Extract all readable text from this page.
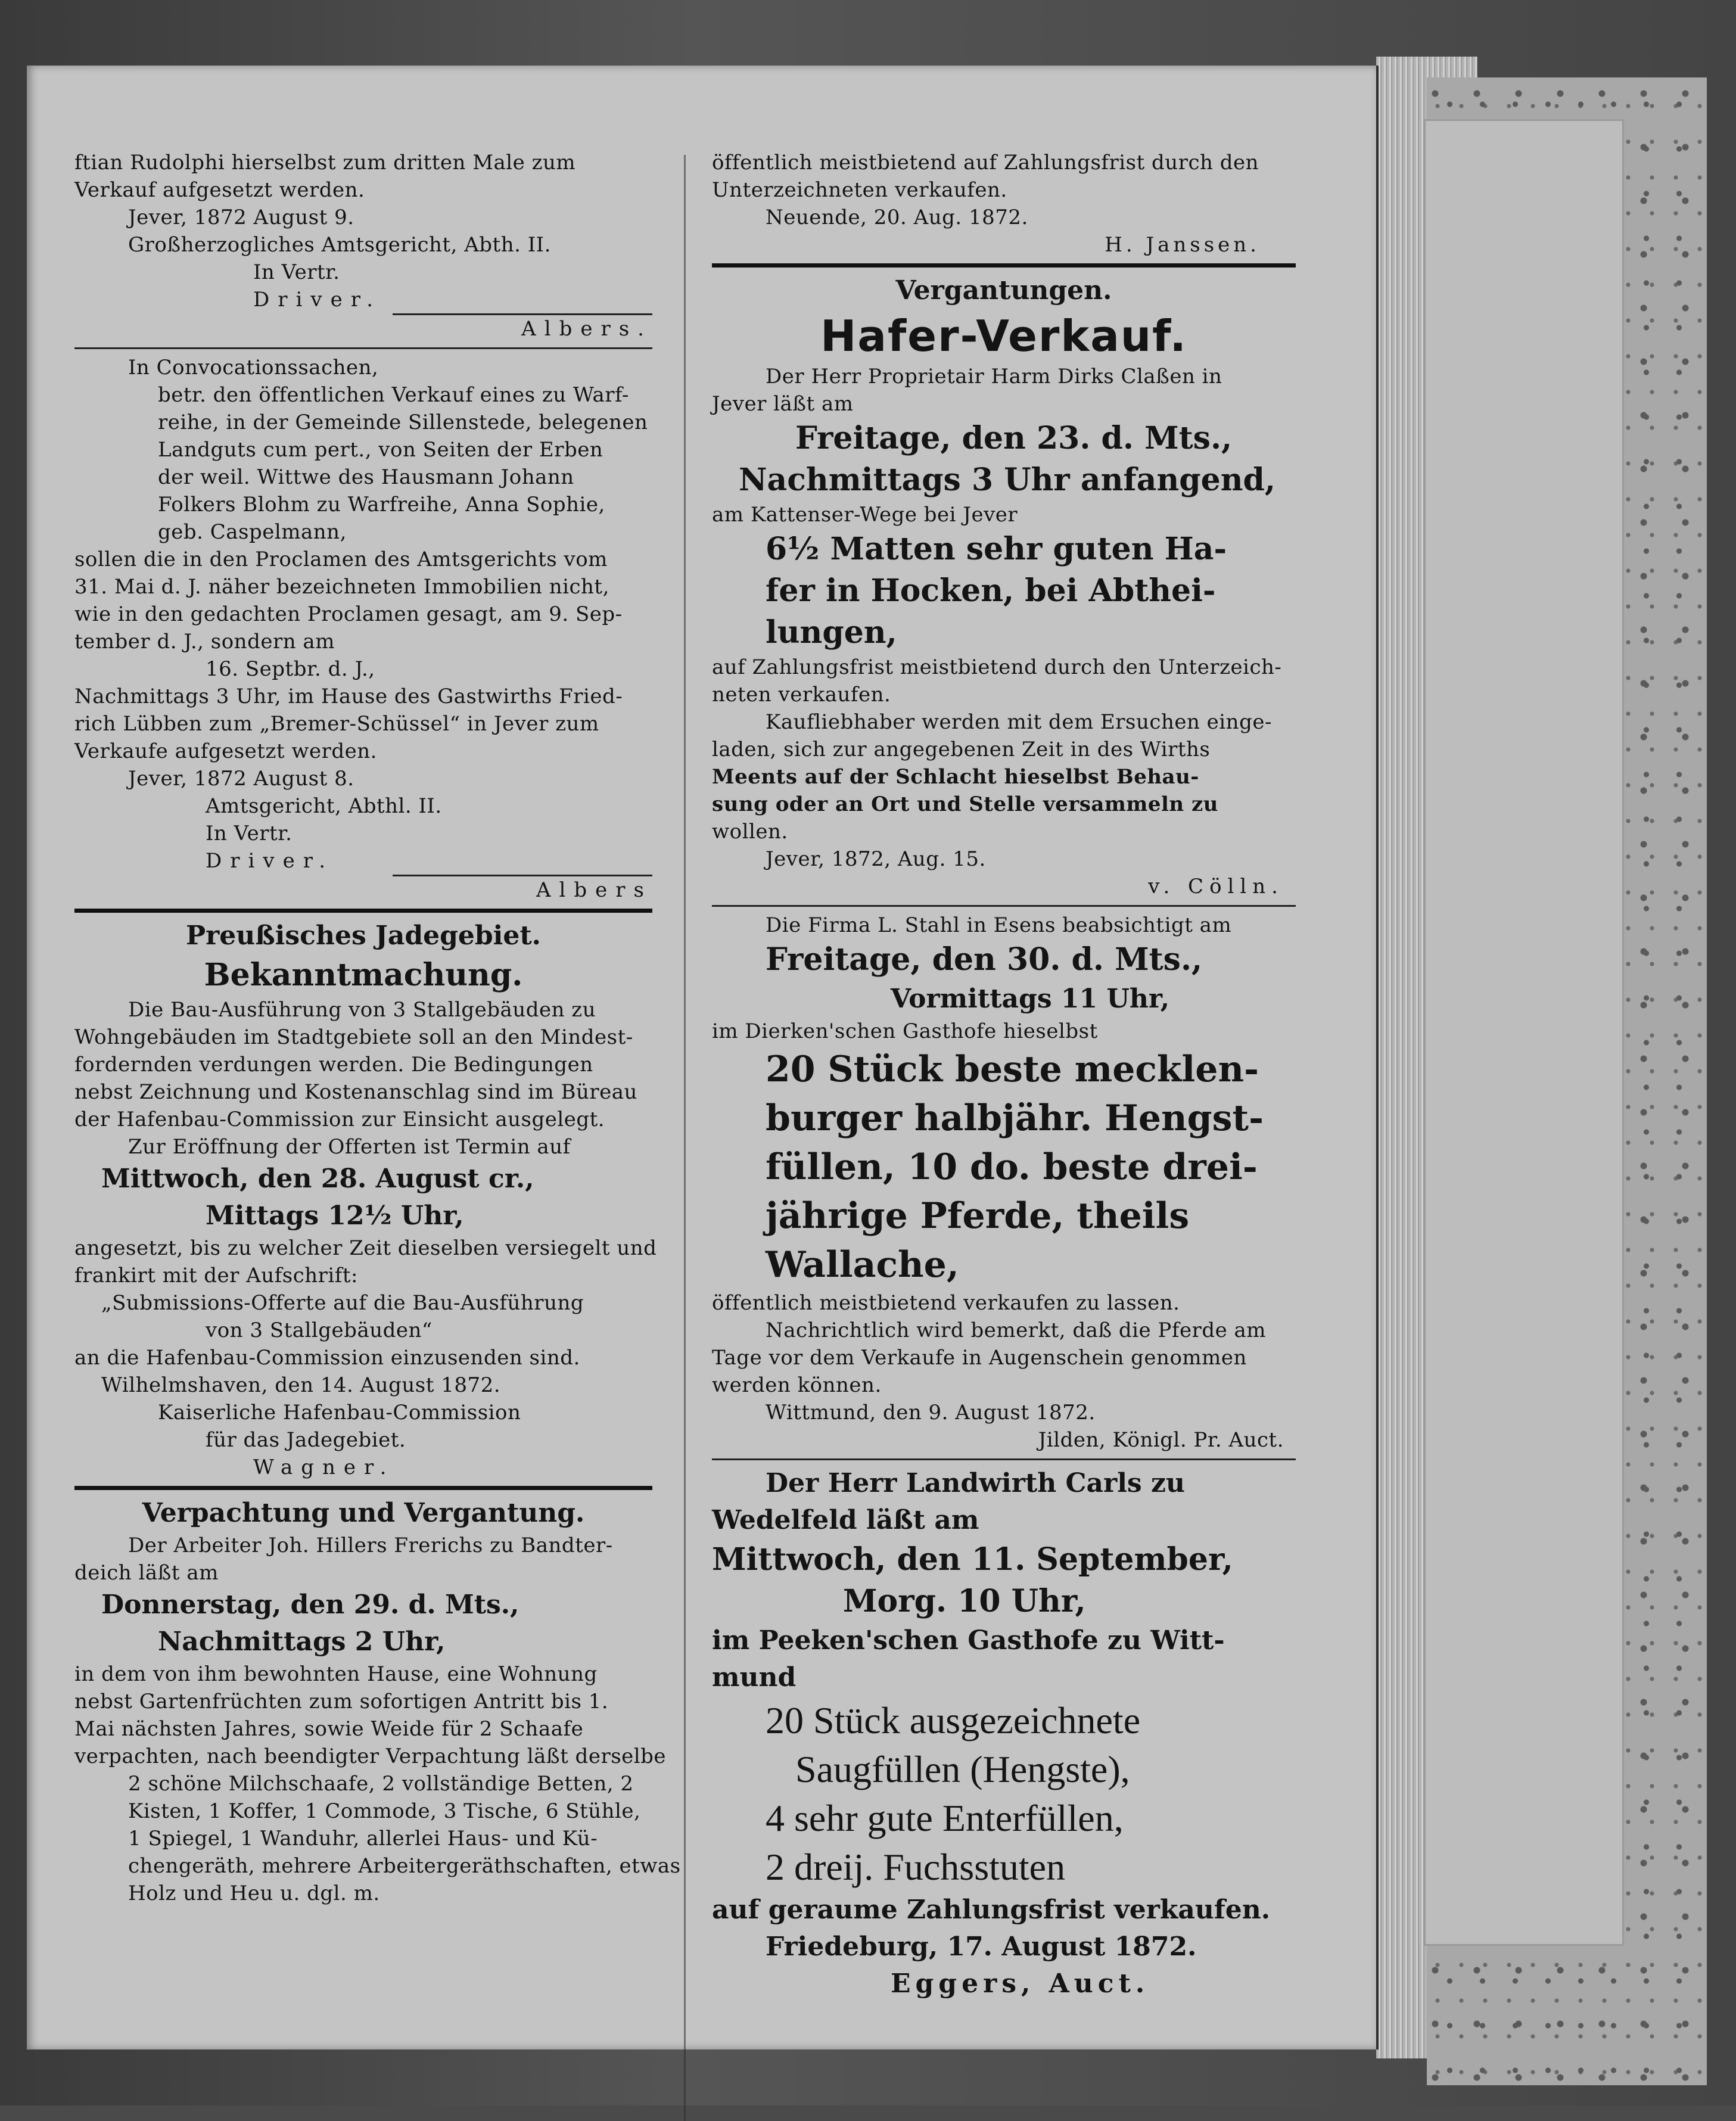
ftian Rudolphi hierselbst zum dritten Male zum
Verkauf aufgesetzt werden.
Jever, 1872 August 9.
Großherzogliches Amtsgericht, Abth. II.
In Vertr.
Driver.
Albers.
In Convocationssachen,
betr. den öffentlichen Verkauf eines zu Warf-
reihe, in der Gemeinde Sillenstede, belegenen
Landguts cum pert., von Seiten der Erben
der weil. Wittwe des Hausmann Johann
Folkers Blohm zu Warfreihe, Anna Sophie,
geb. Caspelmann,
sollen die in den Proclamen des Amtsgerichts vom
31. Mai d. J. näher bezeichneten Immobilien nicht,
wie in den gedachten Proclamen gesagt, am 9. Sep-
tember d. J., sondern am
16. Septbr. d. J.,
Nachmittags 3 Uhr, im Hause des Gastwirths Fried-
rich Lübben zum „Bremer-Schüssel“ in Jever zum
Verkaufe aufgesetzt werden.
Jever, 1872 August 8.
Amtsgericht, Abthl. II.
In Vertr.
Driver.
Albers
Preußisches Jadegebiet.
Bekanntmachung.
Die Bau-Ausführung von 3 Stallgebäuden zu
Wohngebäuden im Stadtgebiete soll an den Mindest-
fordernden verdungen werden. Die Bedingungen
nebst Zeichnung und Kostenanschlag sind im Büreau
der Hafenbau-Commission zur Einsicht ausgelegt.
Zur Eröffnung der Offerten ist Termin auf
Mittwoch, den 28. August cr.,
Mittags 12½ Uhr,
angesetzt, bis zu welcher Zeit dieselben versiegelt und
frankirt mit der Aufschrift:
„Submissions-Offerte auf die Bau-Ausführung
von 3 Stallgebäuden“
an die Hafenbau-Commission einzusenden sind.
Wilhelmshaven, den 14. August 1872.
Kaiserliche Hafenbau-Commission
für das Jadegebiet.
Wagner.
Verpachtung und Vergantung.
Der Arbeiter Joh. Hillers Frerichs zu Bandter-
deich läßt am
Donnerstag, den 29. d. Mts.,
Nachmittags 2 Uhr,
in dem von ihm bewohnten Hause, eine Wohnung
nebst Gartenfrüchten zum sofortigen Antritt bis 1.
Mai nächsten Jahres, sowie Weide für 2 Schaafe
verpachten, nach beendigter Verpachtung läßt derselbe
2 schöne Milchschaafe, 2 vollständige Betten, 2
Kisten, 1 Koffer, 1 Commode, 3 Tische, 6 Stühle,
1 Spiegel, 1 Wanduhr, allerlei Haus- und Kü-
chengeräth, mehrere Arbeitergeräthschaften, etwas
Holz und Heu u. dgl. m.
öffentlich meistbietend auf Zahlungsfrist durch den
Unterzeichneten verkaufen.
Neuende, 20. Aug. 1872.
H. Janssen.
Vergantungen.
Hafer-Verkauf.
Der Herr Proprietair Harm Dirks Claßen in
Jever läßt am
Freitage, den 23. d. Mts.,
Nachmittags 3 Uhr anfangend,
am Kattenser-Wege bei Jever
6½ Matten sehr guten Ha-
fer in Hocken, bei Abthei-
lungen,
auf Zahlungsfrist meistbietend durch den Unterzeich-
neten verkaufen.
Kaufliebhaber werden mit dem Ersuchen einge-
laden, sich zur angegebenen Zeit in des Wirths
Meents auf der Schlacht hieselbst Behau-
sung oder an Ort und Stelle versammeln zu
wollen.
Jever, 1872, Aug. 15.
v. Cölln.
Die Firma L. Stahl in Esens beabsichtigt am
Freitage, den 30. d. Mts.,
Vormittags 11 Uhr,
im Dierken'schen Gasthofe hieselbst
20 Stück beste mecklen-
burger halbjähr. Hengst-
füllen, 10 do. beste drei-
jährige Pferde, theils
Wallache,
öffentlich meistbietend verkaufen zu lassen.
Nachrichtlich wird bemerkt, daß die Pferde am
Tage vor dem Verkaufe in Augenschein genommen
werden können.
Wittmund, den 9. August 1872.
Jilden, Königl. Pr. Auct.
Der Herr Landwirth Carls zu
Wedelfeld läßt am
Mittwoch, den 11. September,
Morg. 10 Uhr,
im Peeken'schen Gasthofe zu Witt-
mund
20 Stück ausgezeichnete
Saugfüllen (Hengste),
4 sehr gute Enterfüllen,
2 dreij. Fuchsstuten
auf geraume Zahlungsfrist verkaufen.
Friedeburg, 17. August 1872.
Eggers, Auct.
